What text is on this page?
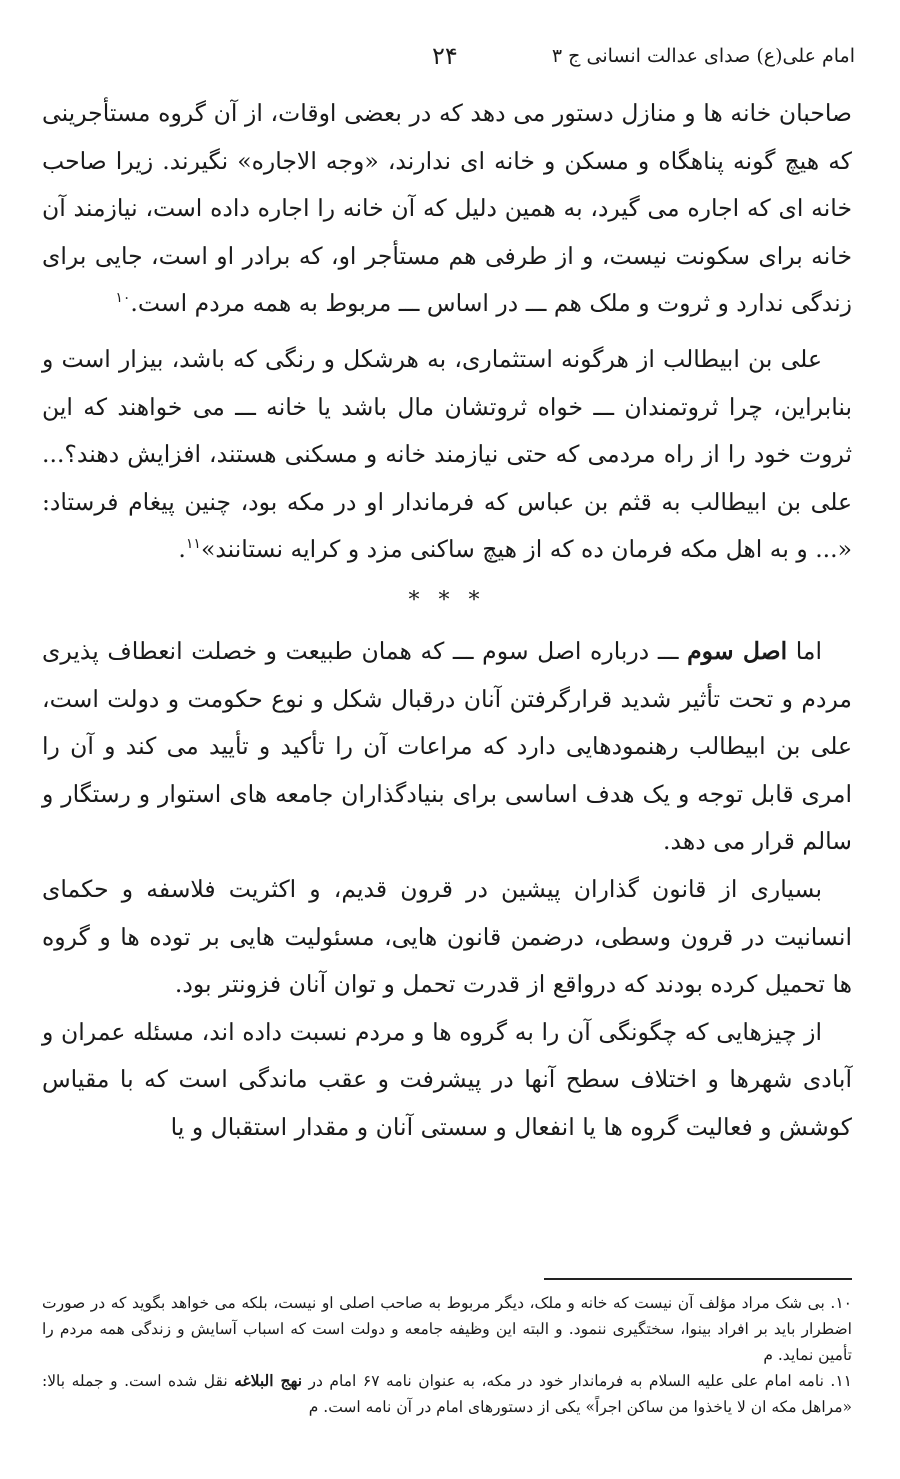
امام علی(ع) صدای عدالت انسانی ج ۳
۲۴

صاحبان خانه ها و منازل دستور می دهد که در بعضی اوقات، از آن گروه مستأجرینی که هیچ گونه پناهگاه و مسکن و خانه ای ندارند، «وجه الاجاره» نگیرند. زیرا صاحب خانه ای که اجاره می گیرد، به همین دلیل که آن خانه را اجاره داده است، نیازمند آن خانه برای سکونت نیست، و از طرفی هم مستأجر او، که برادر او است، جایی برای زندگی ندارد و ثروت و ملک هم ـــ در اساس ـــ مربوط به همه مردم است.$^{۱۰}$

علی بن ابیطالب از هرگونه استثماری، به هرشکل و رنگی که باشد، بیزار است و بنابراین، چرا ثروتمندان ـــ خواه ثروتشان مال باشد یا خانه ـــ می خواهند که این ثروت خود را از راه مردمی که حتی نیازمند خانه و مسکنی هستند، افزایش دهند؟... علی بن ابیطالب به قثم بن عباس که فرماندار او در مکه بود، چنین پیغام فرستاد: «... و به اهل مکه فرمان ده که از هیچ ساکنی مزد و کرایه نستانند»$^{۱۱}$.

* * *

اما اصل سوم ـــ درباره اصل سوم ـــ که همان طبیعت و خصلت انعطاف پذیری مردم و تحت تأثیر شدید قرارگرفتن آنان درقبال شکل و نوع حکومت و دولت است، علی بن ابیطالب رهنمودهایی دارد که مراعات آن را تأکید و تأیید می کند و آن را امری قابل توجه و یک هدف اساسی برای بنیادگذاران جامعه های استوار و رستگار و سالم قرار می دهد.

بسیاری از قانون گذاران پیشین در قرون قدیم، و اکثریت فلاسفه و حکمای انسانیت در قرون وسطی، درضمن قانون هایی، مسئولیت هایی بر توده ها و گروه ها تحمیل کرده بودند که درواقع از قدرت تحمل و توان آنان فزونتر بود.

از چیزهایی که چگونگی آن را به گروه ها و مردم نسبت داده اند، مسئله عمران و آبادی شهرها و اختلاف سطح آنها در پیشرفت و عقب ماندگی است که با مقیاس کوشش و فعالیت گروه ها یا انفعال و سستی آنان و مقدار استقبال و یا

۱۰. بی شک مراد مؤلف آن نیست که خانه و ملک، دیگر مربوط به صاحب اصلی او نیست، بلکه می خواهد بگوید که در صورت اضطرار باید بر افراد بینوا، سختگیری ننمود. و البته این وظیفه جامعه و دولت است که اسباب آسایش و زندگی همه مردم را تأمین نماید. م

۱۱. نامه امام علی علیه السلام به فرماندار خود در مکه، به عنوان نامه ۶۷ امام در نهج البلاغه نقل شده است. و جمله بالا: «مراهل مکه ان لا یاخذوا من ساکن اجراً» یکی از دستورهای امام در آن نامه است. م
